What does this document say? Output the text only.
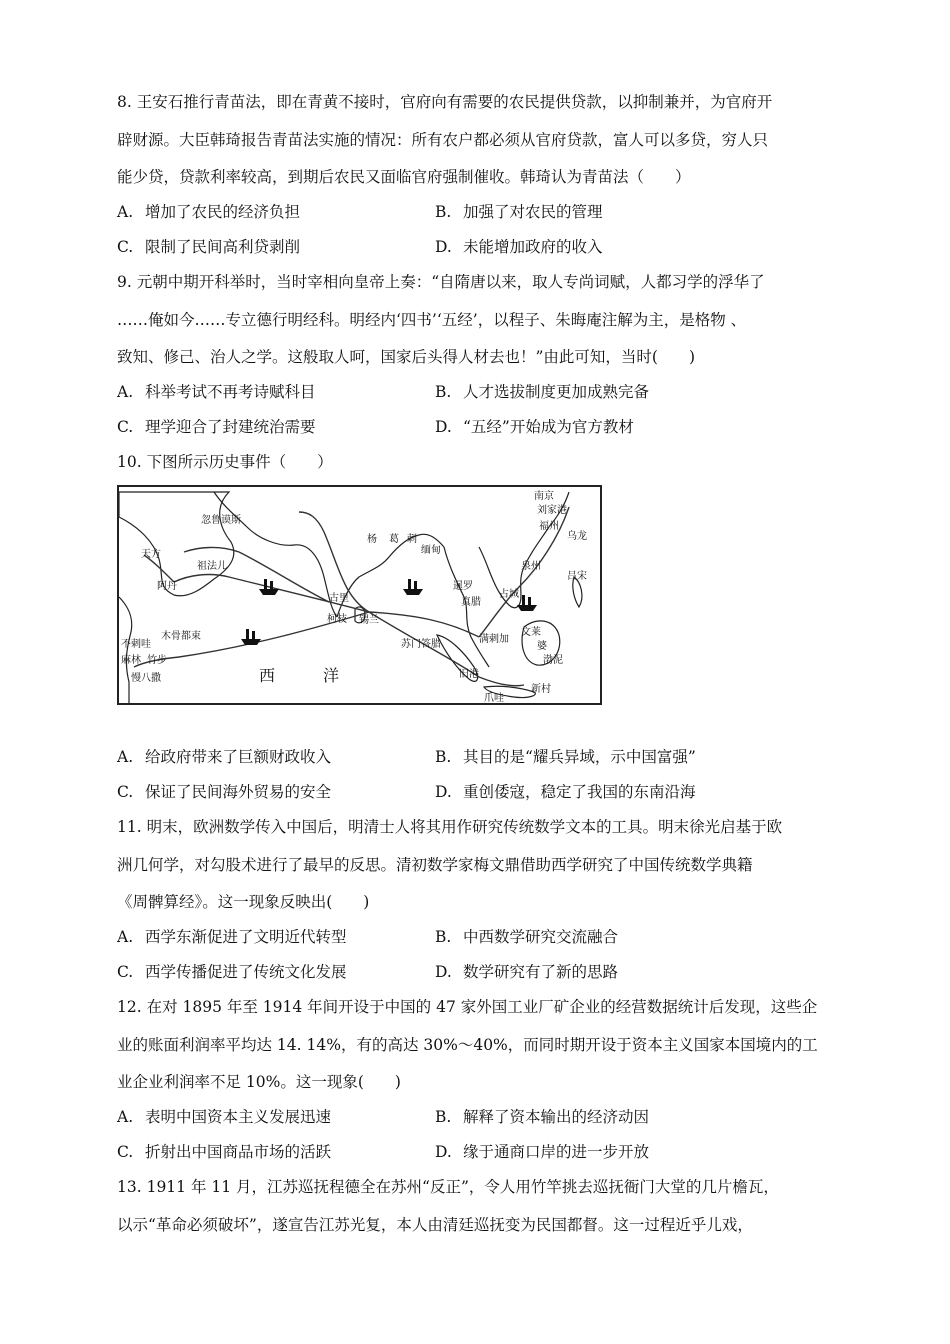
8. 王安石推行青苗法，即在青黄不接时，官府向有需要的农民提供贷款，以抑制兼并，为官府开
辟财源。大臣韩琦报告青苗法实施的情况：所有农户都必须从官府贷款，富人可以多贷，穷人只
能少贷，贷款利率较高，到期后农民又面临官府强制催收。韩琦认为青苗法（　　）
A. 增加了农民的经济负担	B. 加强了对农民的管理
C. 限制了民间高利贷剥削	D. 未能增加政府的收入
9. 元朝中期开科举时，当时宰相向皇帝上奏：“自隋唐以来，取人专尚词赋，人都习学的浮华了
……俺如今……专立德行明经科。明经内‘四书’‘五经’，以程子、朱晦庵注解为主，是格物 、
致知、修己、治人之学。这般取人呵，国家后头得人材去也！”由此可知，当时(　　)
A. 科举考试不再考诗赋科目	B. 人才选拔制度更加成熟完备
C. 理学迎合了封建统治需要	D. “五经”开始成为官方教材
10. 下图所示历史事件（　　）
南京
刘家港
福州
乌龙
泉州
吕宋
杨 葛 剌
缅甸
暹罗
占城
真腊
锡兰
古里
柯枝
忽鲁谟斯
祖法儿
阿丹
天方
木骨都束
不剌哇
竹步
麻林
慢八撒
苏门答腊	满剌加
旧港
新村
爪哇
文莱
渤泥
婆
西　　　洋
A. 给政府带来了巨额财政收入	B. 其目的是“耀兵异域，示中国富强”
C. 保证了民间海外贸易的安全	D. 重创倭寇，稳定了我国的东南沿海
11. 明末，欧洲数学传入中国后，明清士人将其用作研究传统数学文本的工具。明末徐光启基于欧
洲几何学，对勾股术进行了最早的反思。清初数学家梅文鼎借助西学研究了中国传统数学典籍
《周髀算经》。这一现象反映出(　　)
A. 西学东渐促进了文明近代转型	B. 中西数学研究交流融合
C. 西学传播促进了传统文化发展	D. 数学研究有了新的思路
12. 在对 1895 年至 1914 年间开设于中国的 47 家外国工业厂矿企业的经营数据统计后发现，这些企
业的账面利润率平均达 14. 14%，有的高达 30%～40%，而同时期开设于资本主义国家本国境内的工
业企业利润率不足 10%。这一现象(　　)
A. 表明中国资本主义发展迅速	B. 解释了资本输出的经济动因
C. 折射出中国商品市场的活跃	D. 缘于通商口岸的进一步开放
13. 1911 年 11 月，江苏巡抚程德全在苏州“反正”，令人用竹竿挑去巡抚衙门大堂的几片檐瓦，
以示“革命必须破坏”，遂宣告江苏光复，本人由清廷巡抚变为民国都督。这一过程近乎儿戏，
